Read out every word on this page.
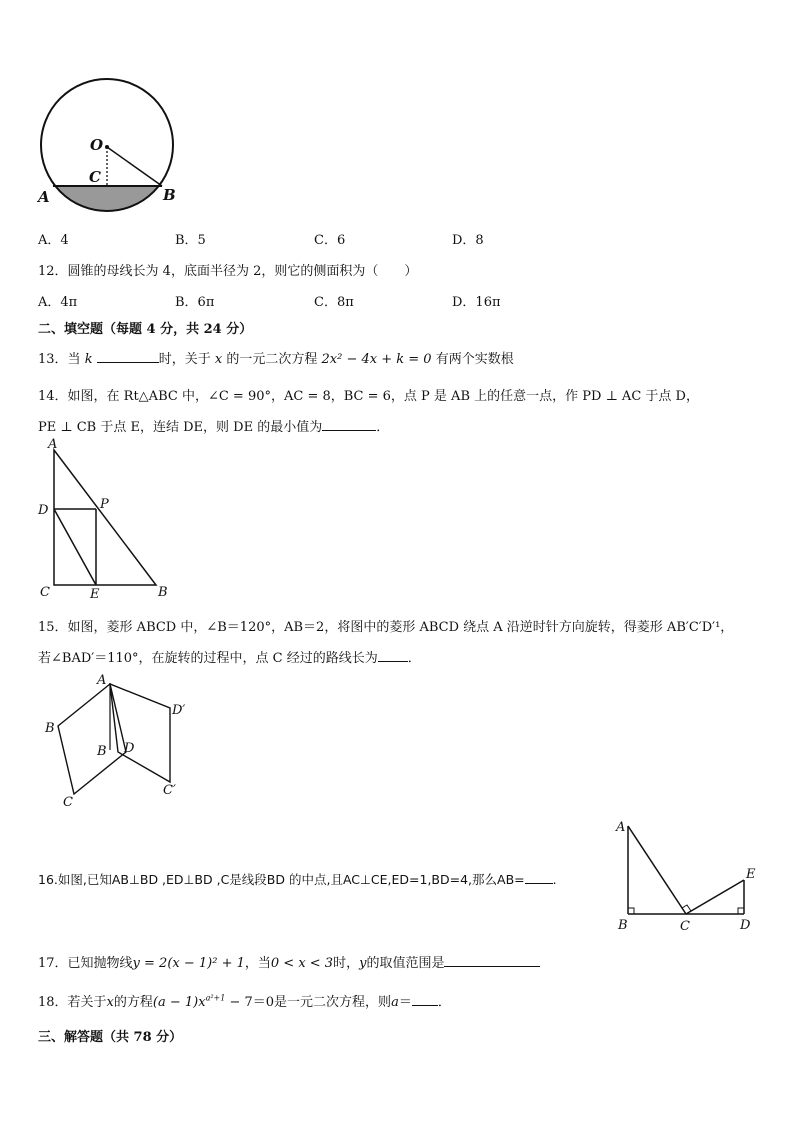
O
C
A	B
A．4	B．5	C．6	D．8
12．圆锥的母线长为 4，底面半径为 2，则它的侧面积为（　　）
A．4π	B．6π	C．8π	D．16π
二、填空题（每题 4 分，共 24 分）
13．当 k	时，关于 x 的一元二次方程 2x² − 4x + k = 0 有两个实数根
14．如图，在 Rt△ABC 中，∠C = 90°，AC = 8，BC = 6，点 P 是 AB 上的任意一点，作 PD ⊥ AC 于点 D，
PE ⊥ CB 于点 E，连结 DE，则 DE 的最小值为	．
A
D	P
C	E	B
15．如图，菱形 ABCD 中，∠B＝120°，AB＝2，将图中的菱形 ABCD 绕点 A 沿逆时针方向旋转，得菱形 AB′C′D′¹，
若∠BAD′＝110°，在旋转的过程中，点 C 经过的路线长为 ．
A
B
B D
C
D′
C′
16.如图,已知AB⊥BD ,ED⊥BD ,C是线段BD 的中点,且AC⊥CE,ED=1,BD=4,那么AB= .
A
E
B	C	D
17．已知抛物线y = 2(x − 1)² + 1，当0 < x < 3时，y的取值范围是
18．若关于x的方程$(a - 1)x^{a^2+1} - 7=0$是一元二次方程，则a＝ ．
三、解答题（共 78 分）
